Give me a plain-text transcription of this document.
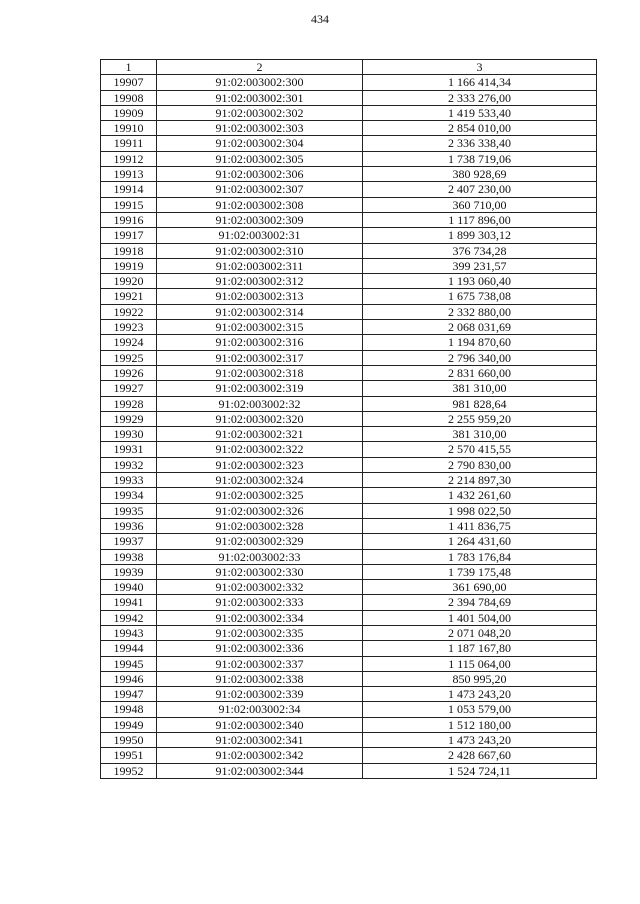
434
1	2	3
19907	91:02:003002:300	1 166 414,34
19908	91:02:003002:301	2 333 276,00
19909	91:02:003002:302	1 419 533,40
19910	91:02:003002:303	2 854 010,00
19911	91:02:003002:304	2 336 338,40
19912	91:02:003002:305	1 738 719,06
19913	91:02:003002:306	380 928,69
19914	91:02:003002:307	2 407 230,00
19915	91:02:003002:308	360 710,00
19916	91:02:003002:309	1 117 896,00
19917	91:02:003002:31	1 899 303,12
19918	91:02:003002:310	376 734,28
19919	91:02:003002:311	399 231,57
19920	91:02:003002:312	1 193 060,40
19921	91:02:003002:313	1 675 738,08
19922	91:02:003002:314	2 332 880,00
19923	91:02:003002:315	2 068 031,69
19924	91:02:003002:316	1 194 870,60
19925	91:02:003002:317	2 796 340,00
19926	91:02:003002:318	2 831 660,00
19927	91:02:003002:319	381 310,00
19928	91:02:003002:32	981 828,64
19929	91:02:003002:320	2 255 959,20
19930	91:02:003002:321	381 310,00
19931	91:02:003002:322	2 570 415,55
19932	91:02:003002:323	2 790 830,00
19933	91:02:003002:324	2 214 897,30
19934	91:02:003002:325	1 432 261,60
19935	91:02:003002:326	1 998 022,50
19936	91:02:003002:328	1 411 836,75
19937	91:02:003002:329	1 264 431,60
19938	91:02:003002:33	1 783 176,84
19939	91:02:003002:330	1 739 175,48
19940	91:02:003002:332	361 690,00
19941	91:02:003002:333	2 394 784,69
19942	91:02:003002:334	1 401 504,00
19943	91:02:003002:335	2 071 048,20
19944	91:02:003002:336	1 187 167,80
19945	91:02:003002:337	1 115 064,00
19946	91:02:003002:338	850 995,20
19947	91:02:003002:339	1 473 243,20
19948	91:02:003002:34	1 053 579,00
19949	91:02:003002:340	1 512 180,00
19950	91:02:003002:341	1 473 243,20
19951	91:02:003002:342	2 428 667,60
19952	91:02:003002:344	1 524 724,11
